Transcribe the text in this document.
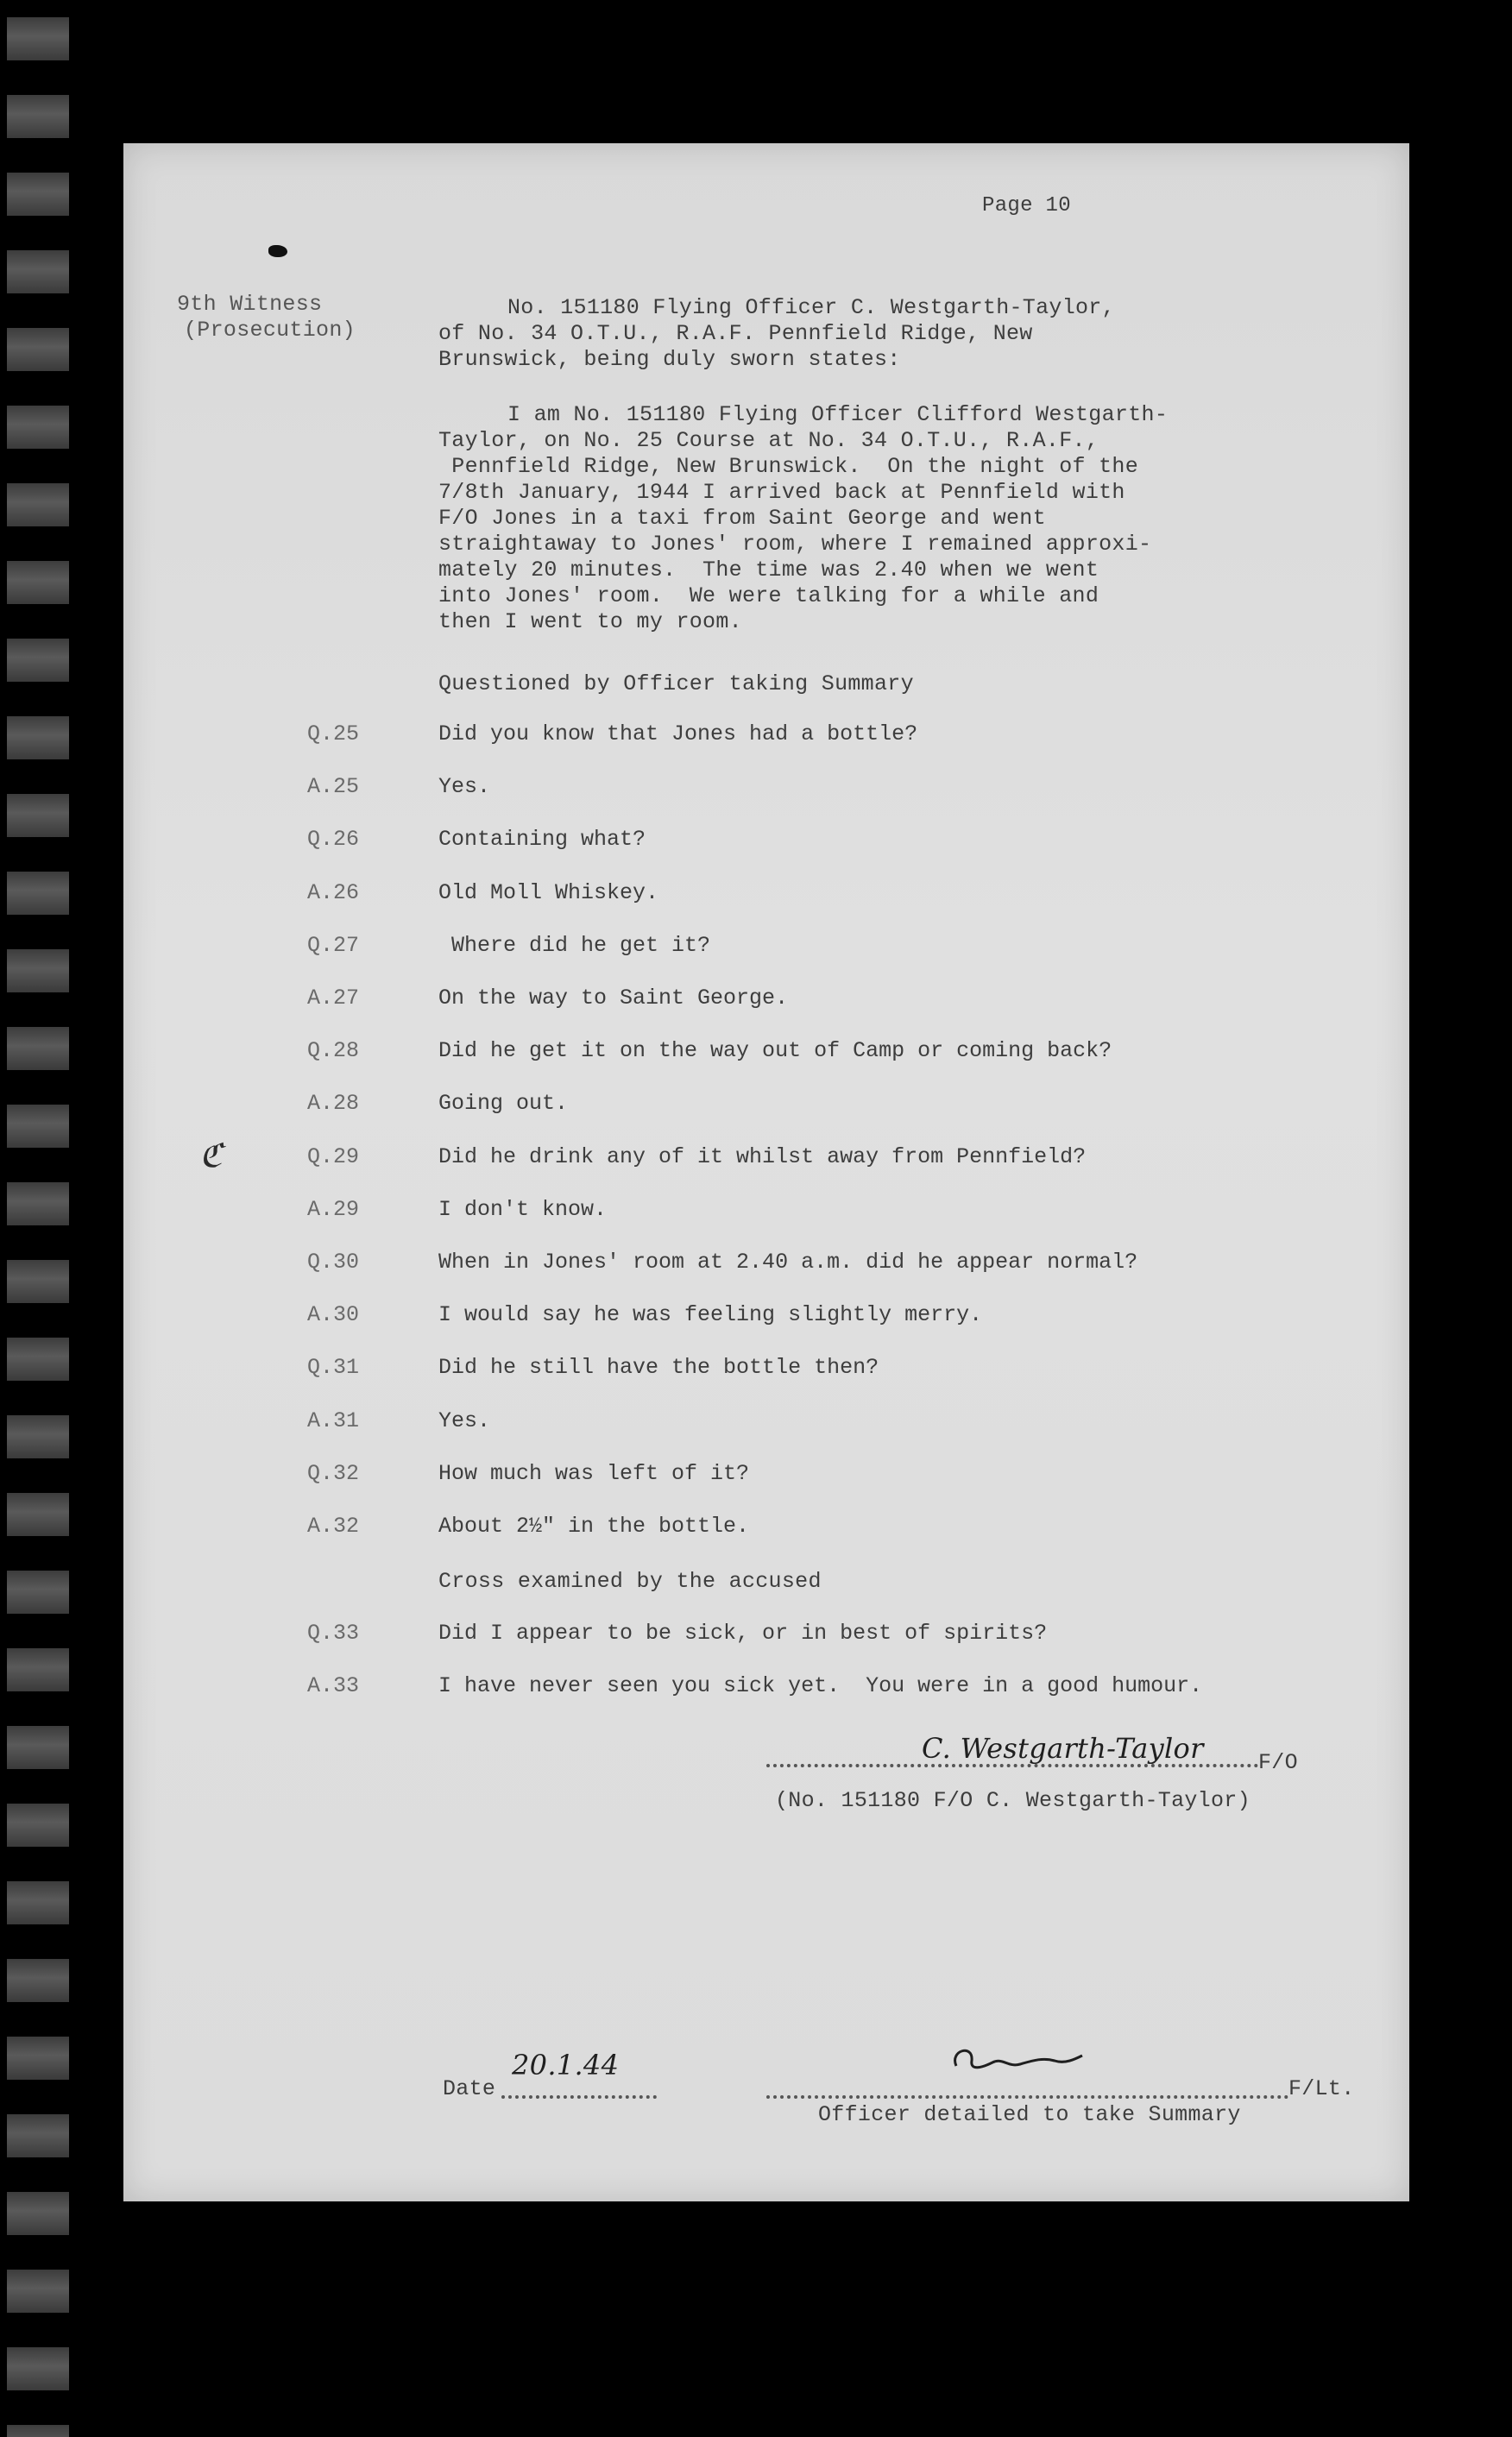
Page 10
9th Witness
(Prosecution)
No. 151180 Flying Officer C. Westgarth-Taylor,
of No. 34 O.T.U., R.A.F. Pennfield Ridge, New
Brunswick, being duly sworn states:
I am No. 151180 Flying Officer Clifford Westgarth-
Taylor, on No. 25 Course at No. 34 O.T.U., R.A.F.,
Pennfield Ridge, New Brunswick.  On the night of the
7/8th January, 1944 I arrived back at Pennfield with
F/O Jones in a taxi from Saint George and went
straightaway to Jones' room, where I remained approxi-
mately 20 minutes.  The time was 2.40 when we went
into Jones' room.  We were talking for a while and
then I went to my room.
Questioned by Officer taking Summary
Q.25	Did you know that Jones had a bottle?
A.25	Yes.
Q.26	Containing what?
A.26	Old Moll Whiskey.
Q.27	Where did he get it?
A.27	On the way to Saint George.
Q.28	Did he get it on the way out of Camp or coming back?
A.28	Going out.
Q.29	Did he drink any of it whilst away from Pennfield?
A.29	I don't know.
Q.30	When in Jones' room at 2.40 a.m. did he appear normal?
A.30	I would say he was feeling slightly merry.
Q.31	Did he still have the bottle then?
A.31	Yes.
Q.32	How much was left of it?
A.32	About 2½" in the bottle.
Cross examined by the accused
Q.33	Did I appear to be sick, or in best of spirits?
A.33	I have never seen you sick yet.  You were in a good humour.
ℭ
C. Westgarth-Taylor	F/O
(No. 151180 F/O C. Westgarth-Taylor)
Date
20.1.44
F/Lt.
Officer detailed to take Summary
